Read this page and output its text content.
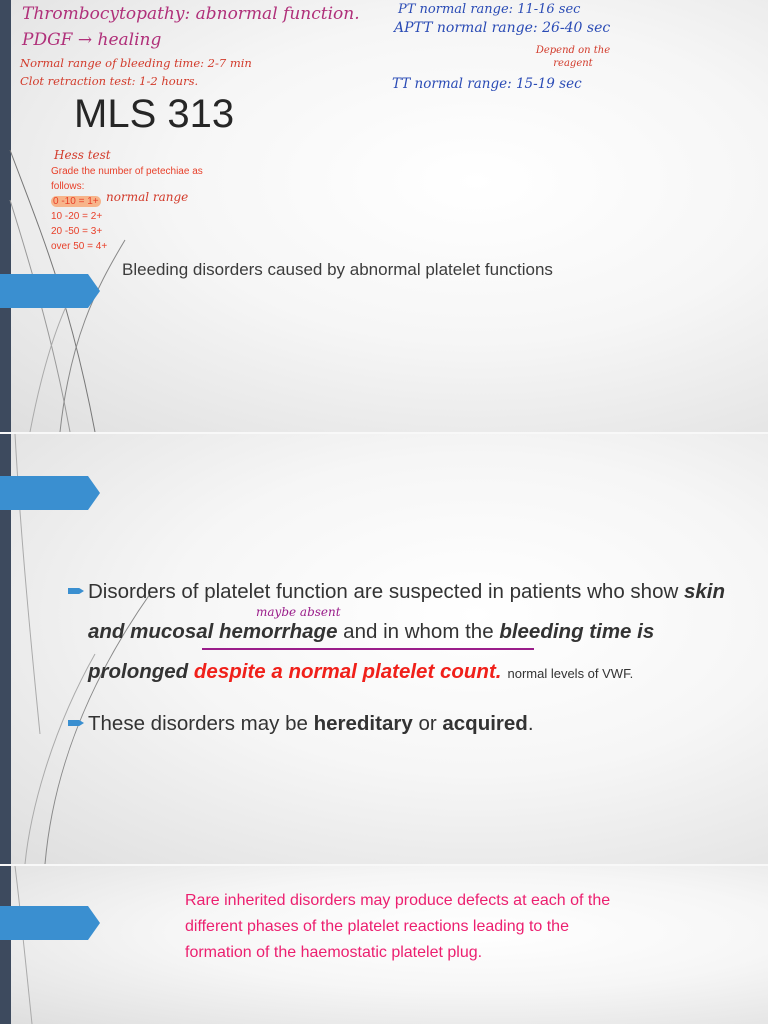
Thrombocytopathy: abnormal function.
PDGF → healing
Normal range of bleeding time: 2-7 min
Clot retraction test: 1-2 hours.
PT normal range: 11-16 sec
APTT normal range: 26-40 sec
Depend on the reagent
TT normal range: 15-19 sec
MLS 313
Hess test
Grade the number of petechiae as follows:
0 -10 = 1+
10 -20 = 2+
20 -50 = 3+
over 50 = 4+
normal range
Bleeding disorders caused by abnormal platelet functions
maybe absent
Disorders of platelet function are suspected in patients who show skin and mucosal hemorrhage and in whom the bleeding time is prolonged despite a normal platelet count. normal levels of VWF.
These disorders may be hereditary or acquired.
Rare inherited disorders may produce defects at each of the different phases of the platelet reactions leading to the formation of the haemostatic platelet plug.
